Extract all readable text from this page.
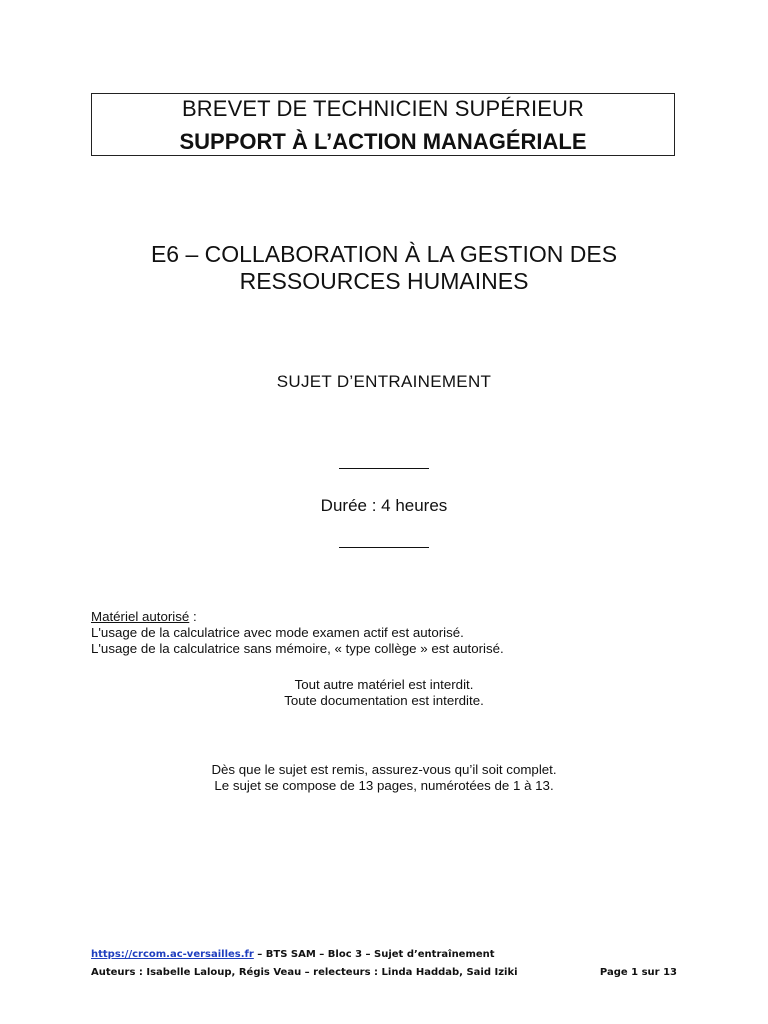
BREVET DE TECHNICIEN SUPÉRIEUR
SUPPORT À L’ACTION MANAGÉRIALE
E6 – COLLABORATION À LA GESTION DES
RESSOURCES HUMAINES
SUJET D’ENTRAINEMENT
Durée : 4 heures
Matériel autorisé :
L'usage de la calculatrice avec mode examen actif est autorisé.
L'usage de la calculatrice sans mémoire, « type collège » est autorisé.
Tout autre matériel est interdit.
Toute documentation est interdite.
Dès que le sujet est remis, assurez-vous qu’il soit complet.
Le sujet se compose de 13 pages, numérotées de 1 à 13.
https://crcom.ac-versailles.fr – BTS SAM – Bloc 3 – Sujet d’entraînement
Auteurs : Isabelle Laloup, Régis Veau – relecteurs : Linda Haddab, Said Iziki	Page 1 sur 13
